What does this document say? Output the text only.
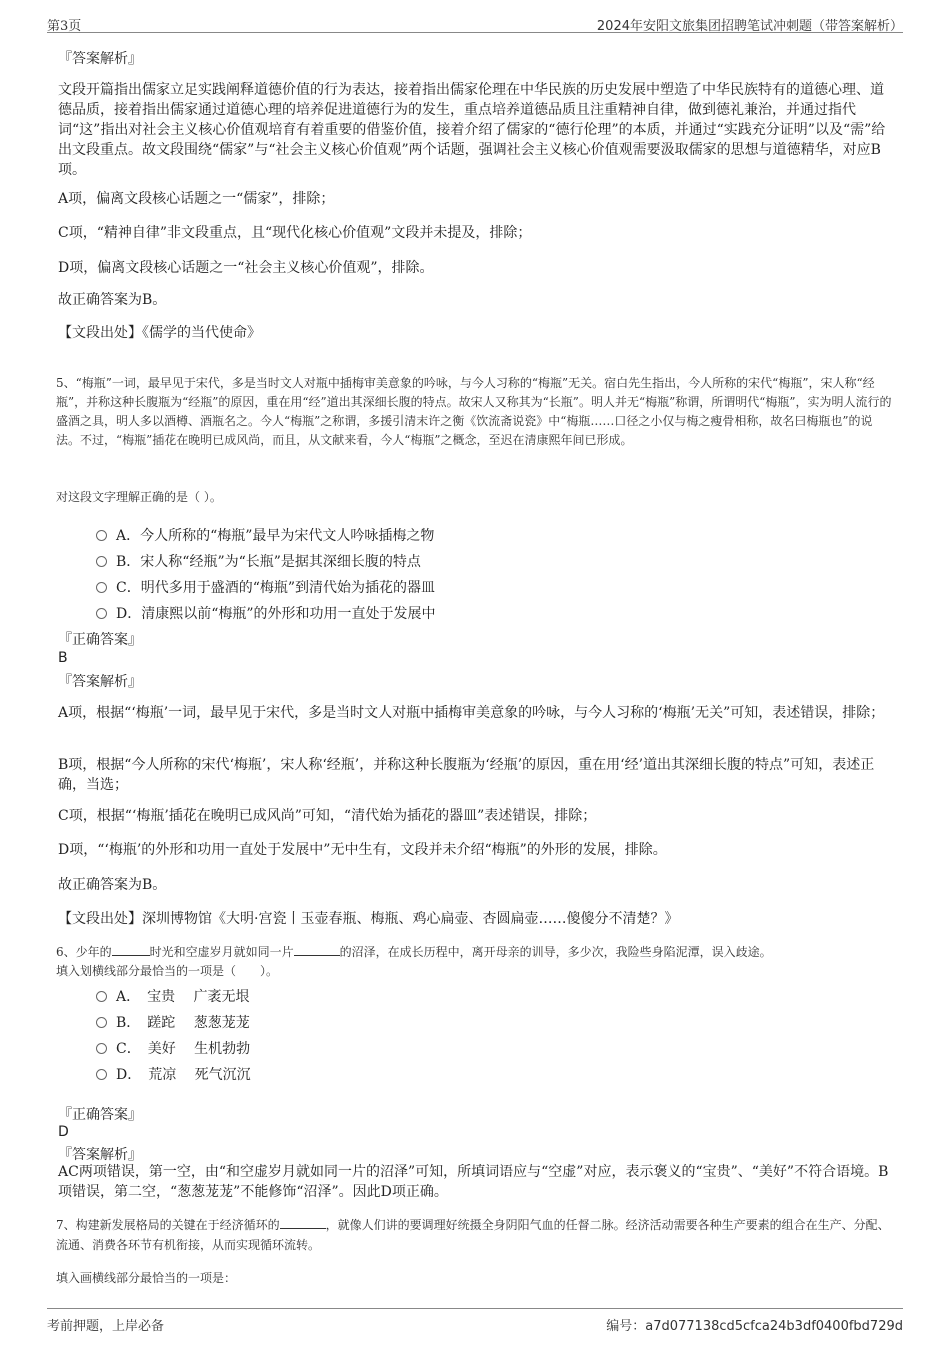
第3页	2024年安阳文旅集团招聘笔试冲刺题（带答案解析）
『答案解析』
文段开篇指出儒家立足实践阐释道德价值的行为表达，接着指出儒家伦理在中华民族的历史发展中塑造了中华民族特有的道德心理、道德品质，接着指出儒家通过道德心理的培养促进道德行为的发生，重点培养道德品质且注重精神自律，做到德礼兼治，并通过指代词“这”指出对社会主义核心价值观培育有着重要的借鉴价值，接着介绍了儒家的“德行伦理”的本质，并通过“实践充分证明”以及“需”给出文段重点。故文段围绕“儒家”与“社会主义核心价值观”两个话题，强调社会主义核心价值观需要汲取儒家的思想与道德精华，对应B项。
A项，偏离文段核心话题之一“儒家”，排除；
C项，“精神自律”非文段重点，且“现代化核心价值观”文段并未提及，排除；
D项，偏离文段核心话题之一“社会主义核心价值观”，排除。
故正确答案为B。
【文段出处】《儒学的当代使命》
5、“梅瓶”一词，最早见于宋代，多是当时文人对瓶中插梅审美意象的吟咏，与今人习称的“梅瓶”无关。宿白先生指出，今人所称的宋代“梅瓶”，宋人称“经瓶”，并称这种长腹瓶为“经瓶”的原因，重在用“经”道出其深细长腹的特点。故宋人又称其为“长瓶”。明人并无“梅瓶”称谓，所谓明代“梅瓶”，实为明人流行的盛酒之具，明人多以酒樽、酒瓶名之。今人“梅瓶”之称谓，多援引清末许之衡《饮流斋说瓷》中“梅瓶……口径之小仅与梅之瘦骨相称，故名曰梅瓶也”的说法。不过，“梅瓶”插花在晚明已成风尚，而且，从文献来看，今人“梅瓶”之概念，至迟在清康熙年间已形成。
对这段文字理解正确的是（ ）。
A．今人所称的“梅瓶”最早为宋代文人吟咏插梅之物
B．宋人称“经瓶”为“长瓶”是据其深细长腹的特点
C．明代多用于盛酒的“梅瓶”到清代始为插花的器皿
D．清康熙以前“梅瓶”的外形和功用一直处于发展中
『正确答案』
B
『答案解析』
A项，根据“‘梅瓶’一词，最早见于宋代，多是当时文人对瓶中插梅审美意象的吟咏，与今人习称的‘梅瓶’无关”可知，表述错误，排除；
B项，根据“今人所称的宋代‘梅瓶’，宋人称‘经瓶’，并称这种长腹瓶为‘经瓶’的原因，重在用‘经’道出其深细长腹的特点”可知，表述正确，当选；
C项，根据“‘梅瓶’插花在晚明已成风尚”可知，“清代始为插花的器皿”表述错误，排除；
D项，“‘梅瓶’的外形和功用一直处于发展中”无中生有，文段并未介绍“梅瓶”的外形的发展，排除。
故正确答案为B。
【文段出处】深圳博物馆《大明·宫瓷丨玉壶春瓶、梅瓶、鸡心扁壶、杏圆扁壶……傻傻分不清楚？》
6、少年的	时光和空虚岁月就如同一片	的沼泽，在成长历程中，离开母亲的训导，多少次，我险些身陷泥潭，误入歧途。
填入划横线部分最恰当的一项是（　　）。
A．　宝贵　 广袤无垠
B．　蹉跎　 葱葱茏茏
C．　美好　 生机勃勃
D．　荒凉　 死气沉沉
『正确答案』
D
『答案解析』
AC两项错误，第一空，由“和空虚岁月就如同一片的沼泽”可知，所填词语应与“空虚”对应，表示褒义的“宝贵”、“美好”不符合语境。B项错误，第二空，“葱葱茏茏”不能修饰“沼泽”。因此D项正确。
7、构建新发展格局的关键在于经济循环的	，就像人们讲的要调理好统摄全身阴阳气血的任督二脉。经济活动需要各种生产要素的组合在生产、分配、流通、消费各环节有机衔接，从而实现循环流转。
填入画横线部分最恰当的一项是：
考前押题，上岸必备	编号：a7d077138cd5cfca24b3df0400fbd729d
